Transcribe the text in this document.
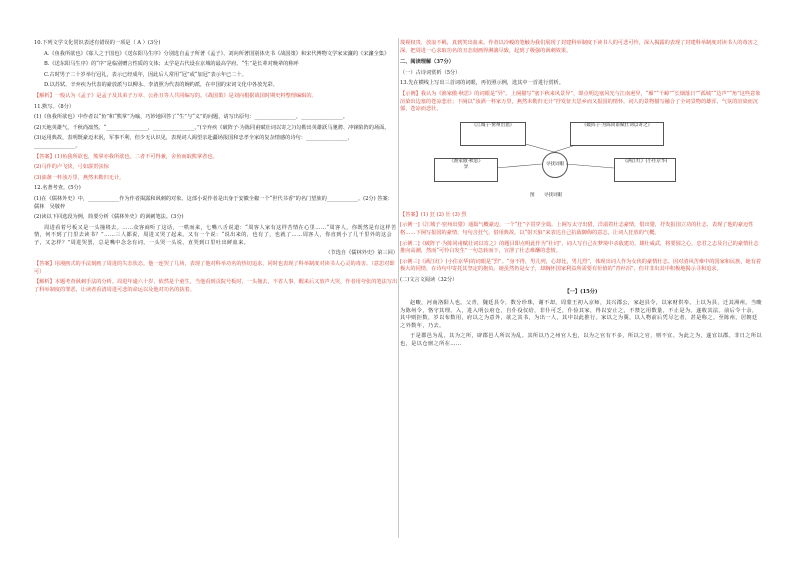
10.下列文学文化常识表述有错误的一项是（ A ）(3分)

A.《鱼我所欲也》《寡人之于国也》《送东阳马生序》分别选自孟子所著《孟子》、刘向所著国别体史书《战国策》和宋代博物文学家宋濂的《宋濂全集》

B.《送东阳马生序》的“序”是临别赠言性质的文体；太学是古代设在京城的最高学府。“生”是长辈对晚辈的称呼

C.古时男子二十岁举行冠礼，表示已经成年，因此后人常用“冠”或“加冠”表示年已二十。

D.以苏轼、辛弃疾为代表的豪放派与以柳永、李清照为代表的婉约派，在中国的宋词文化中各放光彩。

【解析】一般认为《孟子》是孟子及其弟子万章、公孙丑等人共同编写的。《战国策》是刘向根据战国时期史料整理编辑的。

11.默写。（8分）

(1)《鱼我所欲也》中作者以“鱼”和“熊掌”为喻，巧妙地回答了“生”与“义”的问题，请写出原句：________________，________________。

(2)天地英雄气，千秋尚凛然。“________________，________________。”(辛弃疾《破阵子·为陈同甫赋壮词以寄之》)勾勒出英雄跃马驰骋、冲锋陷阵的场面。

(3)运用典故，表明既豪迈未泯，军事不利，但少无认识见，表现词人渴望亲赴疆场报国和忠孝全家的复杂情感的诗句：________________，________________。

【答案】(1)鱼我所欲也，熊掌亦我所欲也。二者不可得兼，舍鱼而取熊掌者也。

(2)马作的卢飞快，弓如霹雳弦惊

(3)油盏一杯浊万里，燕然未勒归无计。

12.名著考查。(5分)

(1)在《儒林外史》中，____________作为作者揭露和讽刺的对象。这部小说作者是出身于安徽全椒一个“世代书香”的名门望族的____________。(2分) 答案：儒林　吴敬梓

(2)读以下回选段为例，简要分析《儒林外史》的讽刺笔法。(3分)

周进看着号板又是一头撞将去。……众客商听了这话，一哄而来，七嘴八舌说道：“周客人家有这样苦情在心里……“周客人，你既然是有这样苦情，何不到了门里去读书？”……三人都说，周进又哭了起来。又有一个说：“说出来的，也有了，也就了……周客人，你直到小了几千里外的这会子，又怎样？”周进哭罢，总是嘴中念念有词，一头哭一头说，直哭到口里吐出鲜血来。

（节选自《儒林外史》第三回）

【答案】用漫画式的手法刻画了周进的失态状态。他一连哭了几场，表现了他对科举功名的热切追求，同时也表现了科举制度对读书人心灵的毒害。（意思对即可）

【解析】本题考查讽刺手法的分析。周进年逾六十岁，依然是个童生，当他看到贡院号板时，一头撞去，不省人事，醒来后又放声大哭，作者用夸张的笔法写出了科举制度的罪恶，让读者看清周进可悲的命运以及他对功名的执着。

蔑视权贵、放浪不羁，真到笑出血来。作者以冷峻的笔触为我们展现了封建科举制度下读书人的可悲可怜，深入揭露的表现了封建科举制度对读书人的毒害之深，把周进一心求取功名的丑态刻画得淋漓尽致，起到了极强的讽刺效果。

二、阅读理解（37分）

（一）古诗词赏析（5分）

13.先在横线上写出三首词的词眼，再仿照示例，选其中一首进行赏析。

【示例】我认为《渔家傲·秋思》的词眼是“异”。上阕描写“塞下秋来风景异”，即点明边塞风光与江南迥异，“雁”“千嶂”“长烟落日”“孤城”“边声”“角”这些意象渲染出边塞的苍凉悲壮；下阕以“浊酒一杯家万里，燕然未勒归无计”抒发征夫思乡而又报国的情怀。词人的景物描写融合了全词景物的雄浑、气氛的渲染而沉郁，苍凉而悲壮。

《江城子·密州出猎》	《破阵子·为陈同甫赋壮词以寄之》
《渔家傲·秋思》
异
寻找词眼
《满江红》(小住京华)
图　　寻找词眼

【答案】(1) 狂 (2) 壮 (3) 烈

[示例一]《江城子·密州出猎》通篇气概豪迈，一个“狂”字贯穿全篇。上阕写太守出猎，洋溢着壮志豪情，借出猎，抒发报国立功的壮志，表现了他的豪迈性格……下阕写报国的豪情，句句含狂气，借用典故，以“射天狼”来表达自己抗敌御侮的意志，让词人狂放的气概。

[示例二]《破阵子·为陈同甫赋壮词以寄之》的题目即点明此作为“壮词”，词人写自己在梦境中杀敌建功，雄壮威武，将要圆之心，忠君之志及自己的豪情壮志推向高潮，然而“可怜白发生”一句急转而下，宣泄了壮志难酬的悲愤。

[示例三]《满江红》(小住京华)的词眼是“烈”。“身不得，男儿列，心却比，男儿烈”，体现出词人作为女侠的豪情壮志。因对清风苦难中的国家和民族，她有着极大的同情，在诗句中寄托其坚定的抱负。她虽然仍是女子，却胸怀国家利益所需要有价值的“青衫泪”，但并非出其中积极地揭示寻和追求。

(二)文言文阅读（32分）

【一】(15分)

赵畯，河南洛阳人也。父青，魏廷县令，数分珍珠，谢不却。周蒙王初入京师，其兴郡公，家赵县令，以家财供奉。上以为县，迁其洲州。当畯为陈州令，恪守其理。入，进入明公府仓，自仆役仅给，非仆可乏，仆俭其家，得以安止之，不禁乞用数量，不止是为。遂收其法。前后令十余，其中则拒数，岁以布数用，府以之为意外，欲之其书，为出一人，其中以此推行。家以之为冀，以人物前后凭尽乞者，甚是称之。至陈州，居朝廷之外数年，乃去。

于是郡邑为乱，其为之所，辟郡邑人所以为乱。其所以乃之州官人也，以为之官有不多，所以之官，则不宜。为此之为，遂宜以郡。非日之所以也，是以仓廪之所在……
